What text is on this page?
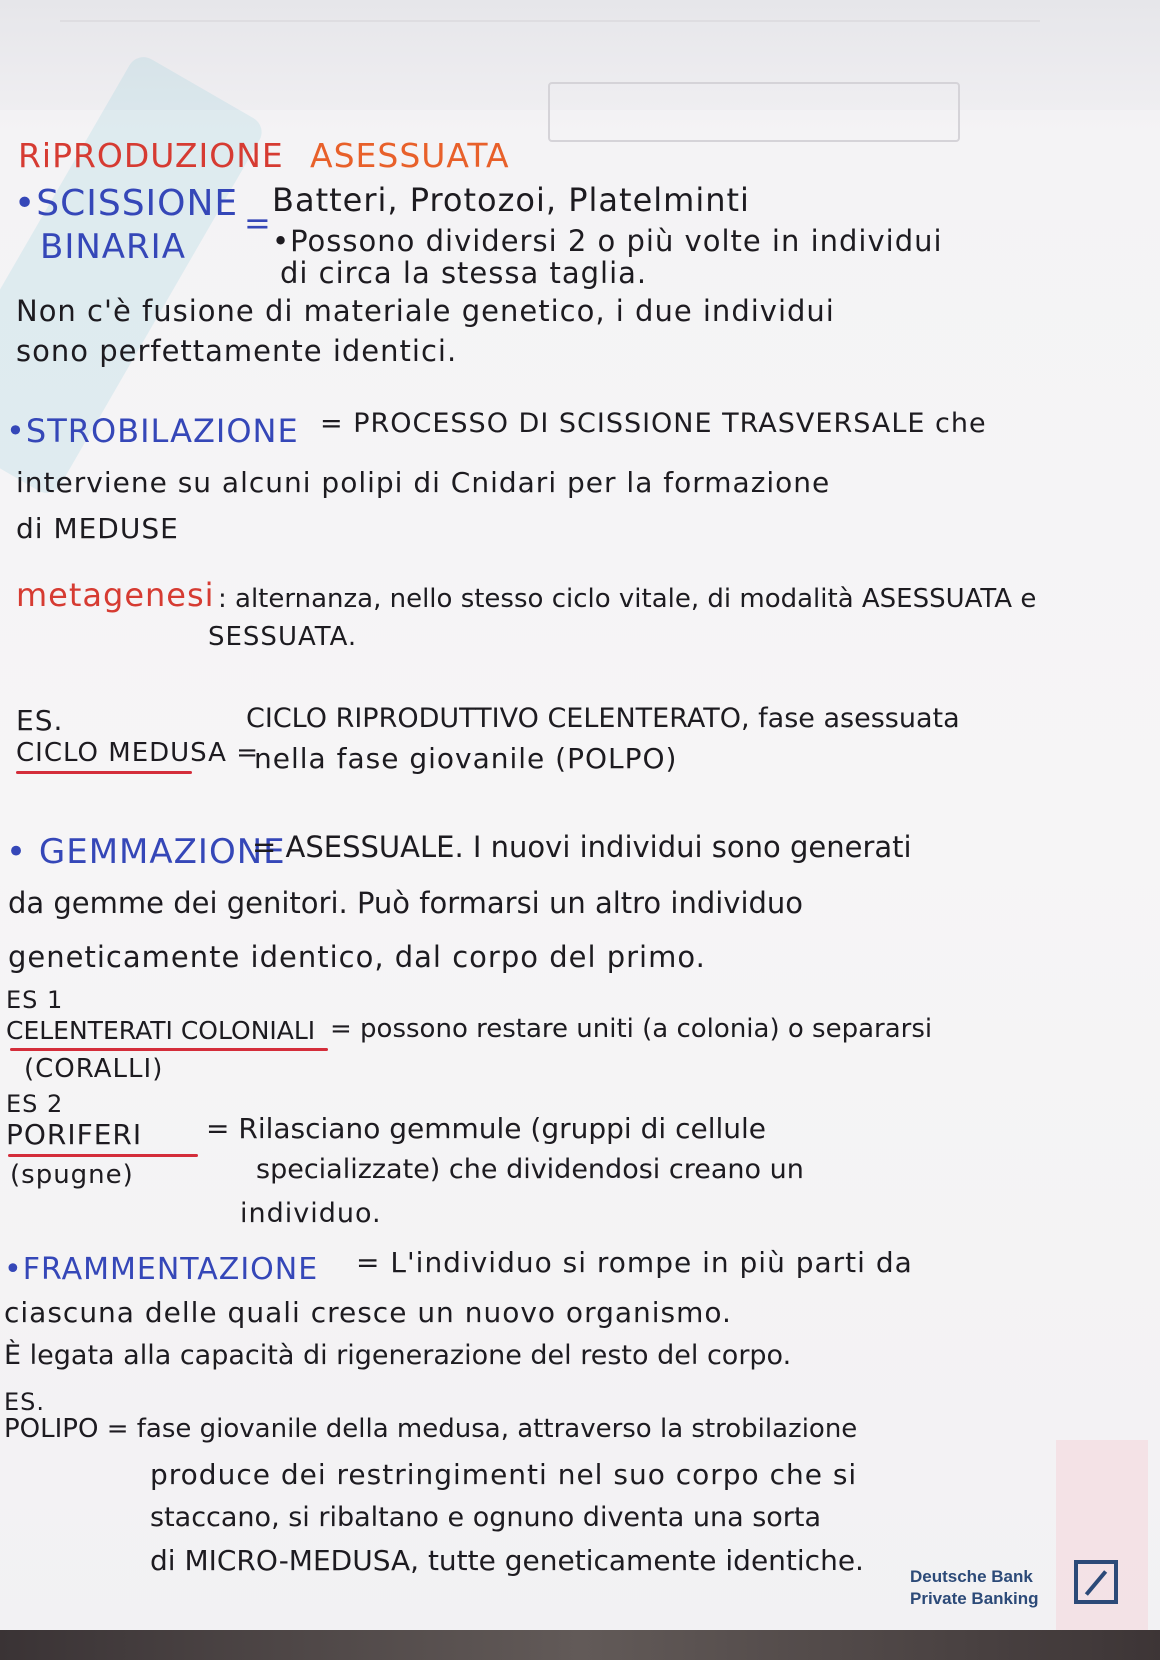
RiPRODUZIONE ASESSUATA
•SCISSIONE
BINARIA
=
Batteri, Protozoi, Platelminti
•Possono dividersi 2 o più volte in individui
di circa la stessa taglia.
Non c'è fusione di materiale genetico, i due individui
sono perfettamente identici.
•STROBILAZIONE = PROCESSO DI SCISSIONE TRASVERSALE che
interviene su alcuni polipi di Cnidari per la formazione
di MEDUSE
metagenesi : alternanza, nello stesso ciclo vitale, di modalità ASESSUATA e
SESSUATA.
ES.	CICLO RIPRODUTTIVO CELENTERATO, fase asessuata
CICLO MEDUSA =
nella fase giovanile (POLPO)
• GEMMAZIONE
= ASESSUALE. I nuovi individui sono generati
da gemme dei genitori. Può formarsi un altro individuo
geneticamente identico, dal corpo del primo.
ES 1
CELENTERATI COLONIALI = possono restare uniti (a colonia) o separarsi
(CORALLI)
ES 2
PORIFERI = Rilasciano gemmule (gruppi di cellule
(spugne)	specializzate) che dividendosi creano un
individuo.
•FRAMMENTAZIONE = L'individuo si rompe in più parti da
ciascuna delle quali cresce un nuovo organismo.
È legata alla capacità di rigenerazione del resto del corpo.
ES.
POLIPO = fase giovanile della medusa, attraverso la strobilazione
produce dei restringimenti nel suo corpo che si
staccano, si ribaltano e ognuno diventa una sorta
di MICRO-MEDUSA, tutte geneticamente identiche.	Deutsche Bank
Private Banking
